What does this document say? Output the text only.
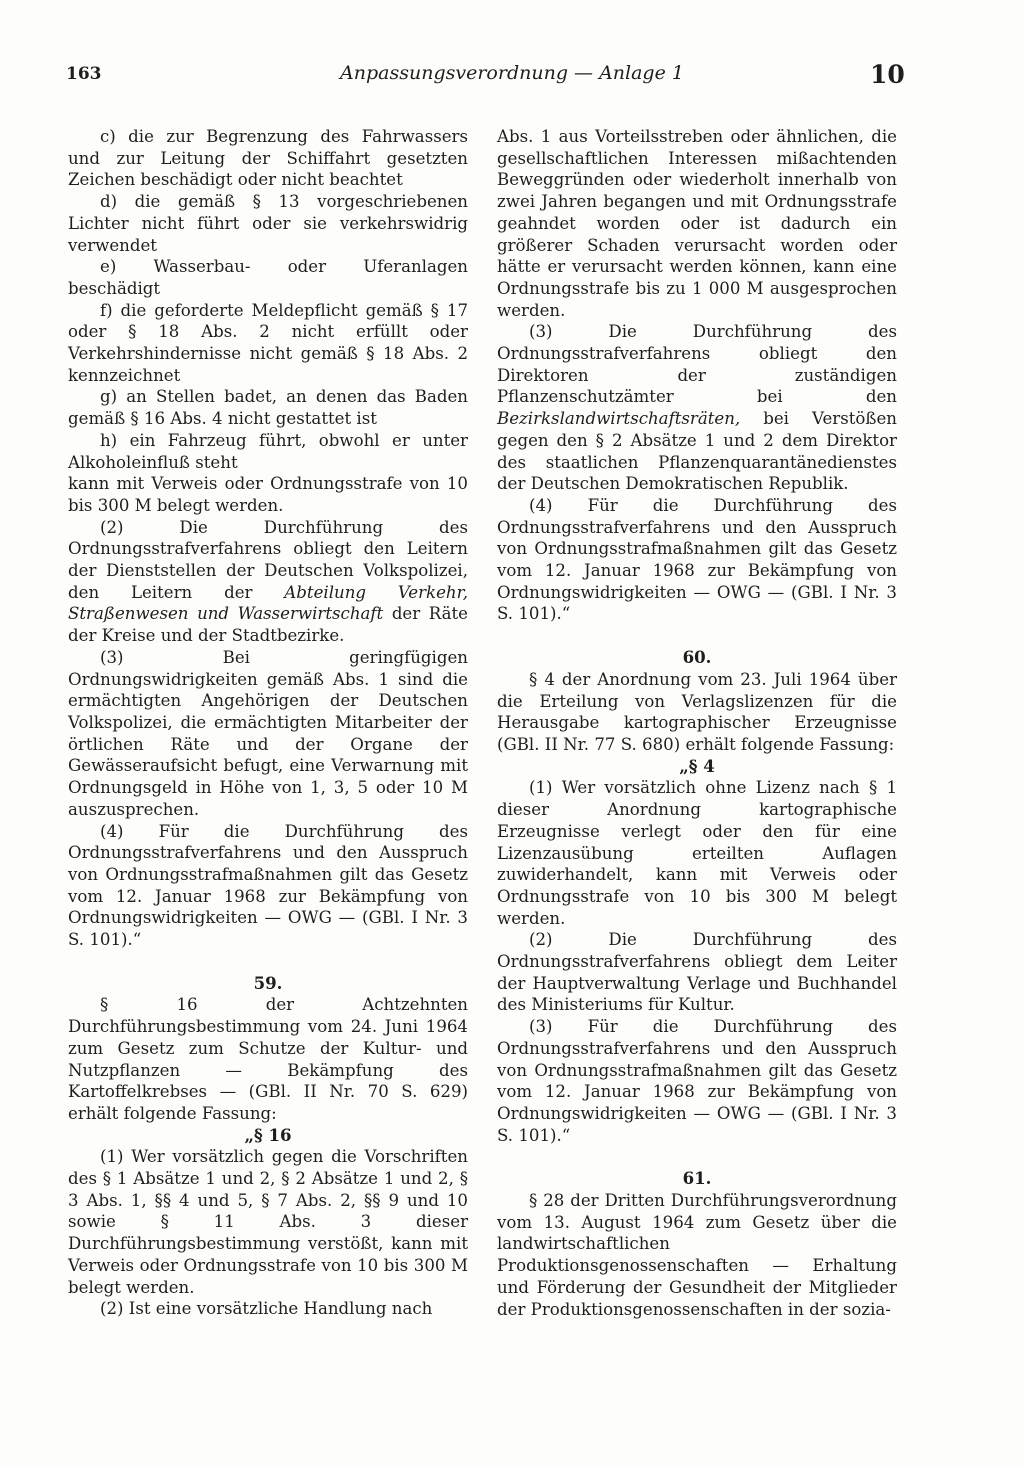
163	Anpassungsverordnung — Anlage 1	10

c) die zur Begrenzung des Fahrwassers und zur Leitung der Schiffahrt gesetzten Zeichen beschädigt oder nicht beachtet

d) die gemäß § 13 vorgeschriebenen Lichter nicht führt oder sie verkehrswidrig verwendet

e) Wasserbau- oder Uferanlagen beschädigt

f) die geforderte Meldepflicht gemäß § 17 oder § 18 Abs. 2 nicht erfüllt oder Verkehrshindernisse nicht gemäß § 18 Abs. 2 kennzeichnet

g) an Stellen badet, an denen das Baden gemäß § 16 Abs. 4 nicht gestattet ist

h) ein Fahrzeug führt, obwohl er unter Alkoholeinfluß steht

kann mit Verweis oder Ordnungsstrafe von 10 bis 300 M belegt werden.

(2) Die Durchführung des Ordnungsstrafverfahrens obliegt den Leitern der Dienststellen der Deutschen Volkspolizei, den Leitern der Abteilung Verkehr, Straßenwesen und Wasserwirtschaft der Räte der Kreise und der Stadtbezirke.

(3) Bei geringfügigen Ordnungswidrigkeiten gemäß Abs. 1 sind die ermächtigten Angehörigen der Deutschen Volkspolizei, die ermächtigten Mitarbeiter der örtlichen Räte und der Organe der Gewässeraufsicht befugt, eine Verwarnung mit Ordnungsgeld in Höhe von 1, 3, 5 oder 10 M auszusprechen.

(4) Für die Durchführung des Ordnungsstrafverfahrens und den Ausspruch von Ordnungsstrafmaßnahmen gilt das Gesetz vom 12. Januar 1968 zur Bekämpfung von Ordnungswidrigkeiten — OWG — (GBl. I Nr. 3 S. 101).“

59.

§ 16 der Achtzehnten Durchführungsbestimmung vom 24. Juni 1964 zum Gesetz zum Schutze der Kultur- und Nutzpflanzen — Bekämpfung des Kartoffelkrebses — (GBl. II Nr. 70 S. 629) erhält folgende Fassung:

„§ 16

(1) Wer vorsätzlich gegen die Vorschriften des § 1 Absätze 1 und 2, § 2 Absätze 1 und 2, § 3 Abs. 1, §§ 4 und 5, § 7 Abs. 2, §§ 9 und 10 sowie § 11 Abs. 3 dieser Durchführungsbestimmung verstößt, kann mit Verweis oder Ordnungsstrafe von 10 bis 300 M belegt werden.

(2) Ist eine vorsätzliche Handlung nach

Abs. 1 aus Vorteilsstreben oder ähnlichen, die gesellschaftlichen Interessen mißachtenden Beweggründen oder wiederholt innerhalb von zwei Jahren begangen und mit Ordnungsstrafe geahndet worden oder ist dadurch ein größerer Schaden verursacht worden oder hätte er verursacht werden können, kann eine Ordnungsstrafe bis zu 1 000 M ausgesprochen werden.

(3) Die Durchführung des Ordnungsstrafverfahrens obliegt den Direktoren der zuständigen Pflanzenschutzämter bei den Bezirkslandwirtschaftsräten, bei Verstößen gegen den § 2 Absätze 1 und 2 dem Direktor des staatlichen Pflanzenquarantänedienstes der Deutschen Demokratischen Republik.

(4) Für die Durchführung des Ordnungsstrafverfahrens und den Ausspruch von Ordnungsstrafmaßnahmen gilt das Gesetz vom 12. Januar 1968 zur Bekämpfung von Ordnungswidrigkeiten — OWG — (GBl. I Nr. 3 S. 101).“

60.

§ 4 der Anordnung vom 23. Juli 1964 über die Erteilung von Verlagslizenzen für die Herausgabe kartographischer Erzeugnisse (GBl. II Nr. 77 S. 680) erhält folgende Fassung:

„§ 4

(1) Wer vorsätzlich ohne Lizenz nach § 1 dieser Anordnung kartographische Erzeugnisse verlegt oder den für eine Lizenzausübung erteilten Auflagen zuwiderhandelt, kann mit Verweis oder Ordnungsstrafe von 10 bis 300 M belegt werden.

(2) Die Durchführung des Ordnungsstrafverfahrens obliegt dem Leiter der Hauptverwaltung Verlage und Buchhandel des Ministeriums für Kultur.

(3) Für die Durchführung des Ordnungsstrafverfahrens und den Ausspruch von Ordnungsstrafmaßnahmen gilt das Gesetz vom 12. Januar 1968 zur Bekämpfung von Ordnungswidrigkeiten — OWG — (GBl. I Nr. 3 S. 101).“

61.

§ 28 der Dritten Durchführungsverordnung vom 13. August 1964 zum Gesetz über die landwirtschaftlichen Produktionsgenossenschaften — Erhaltung und Förderung der Gesundheit der Mitglieder der Produktionsgenossenschaften in der sozia-
